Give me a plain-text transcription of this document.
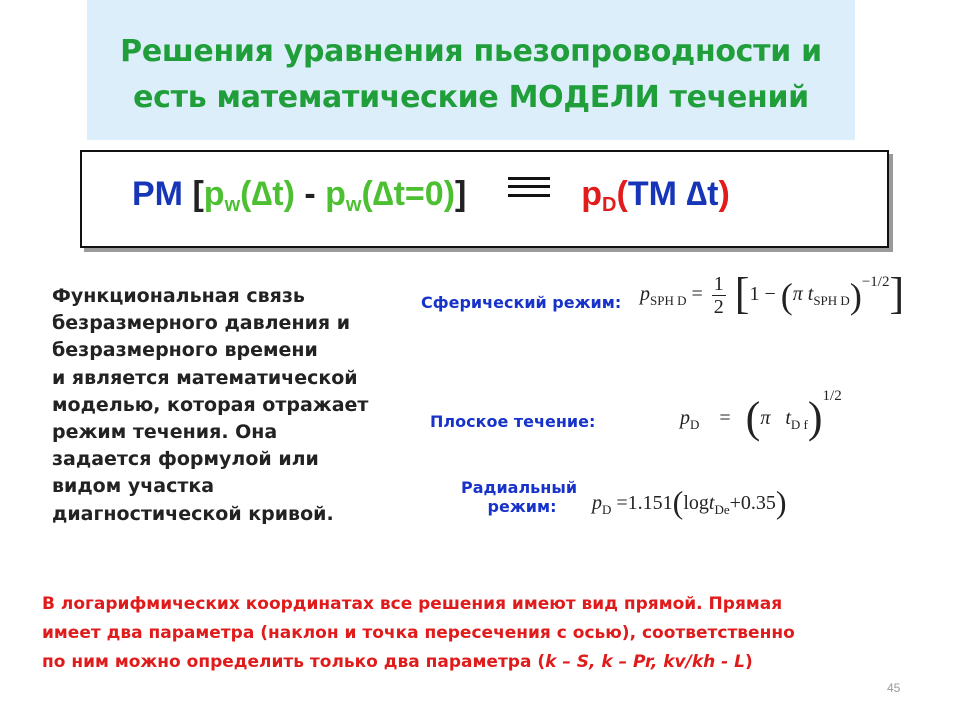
Решения уравнения пьезопроводности и
есть математические МОДЕЛИ течений
PM $[p_w(\Delta t) - p_w(\Delta t=0)]$	$p_D(TM$ ∆t)
Функциональная связь
безразмерного давления и
безразмерного времени
и является математической
моделью, которая отражает
режим течения. Она
задается формулой или
видом участка
диагностической кривой.
Сферический режим: $p_{SPH D} = \frac{1}{2} [1 - (\pi$ $t_{SPH D})^{-1/2}$]
Плоское течение:	$p_D = (\pi$ $t_{D f})^{1/2}$
Радиальный
режим:	$p_D =1.151(\log t_{De}+0.35)$
В логарифмических координатах все решения имеют вид прямой. Прямая
имеет два параметра (наклон и точка пересечения с осью), соответственно
по ним можно определить только два параметра (k – S, k – Pr, kv/kh - L)
45
